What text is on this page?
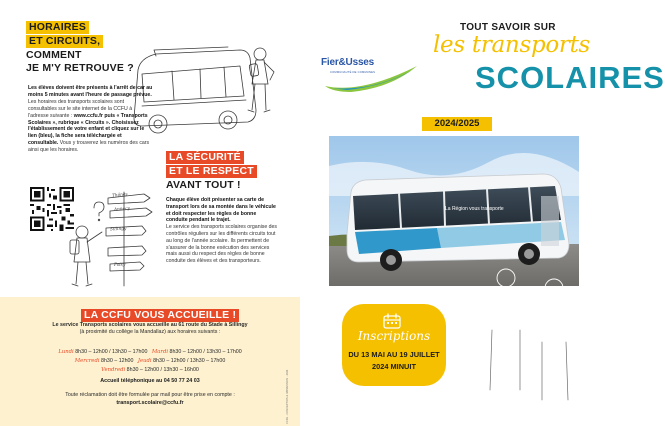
HORAIRES
ET CIRCUITS,
COMMENT
JE M'Y RETROUVE ?
Les élèves doivent être présents à l'arrêt de car au moins 5 minutes avant l'heure de passage prévue.
Les horaires des transports scolaires sont consultables sur le site internet de la CCFU à l'adresse suivante : www.ccfu.fr puis « Transports Scolaires », rubrique « Circuits ». Choisissez l'établissement de votre enfant et cliquez sur le lien (bleu), la fiche sera téléchargée et consultable. Vous y trouverez les numéros des cars ainsi que les horaires.
Thônes
Annecy
Sillingy
Poisy
LA SÉCURITÉ
ET LE RESPECT
AVANT TOUT !
Chaque élève doit présenter sa carte de transport lors de sa montée dans le véhicule et doit respecter les règles de bonne conduite pendant le trajet.
Le service des transports scolaires organise des contrôles réguliers sur les différents circuits tout au long de l'année scolaire. Ils permettent de s'assurer de la bonne exécution des services mais aussi du respect des règles de bonne conduite des élèves et des transporteurs.
LA CCFU VOUS ACCUEILLE !
Le service Transports scolaires vous accueille au 61 route du Stade à Sillingy
(à proximité du collège la Mandallaz) aux horaires suivants :
Lundi 8h30 – 12h00 / 13h30 – 17h00 Mardi 8h30 – 12h00 / 13h30 – 17h00
Mercredi 8h30 – 12h00 Jeudi 8h30 – 12h00 / 13h30 – 17h00
Vendredi 8h30 – 12h00 / 13h30 – 16h00
Accueil téléphonique au 04 50 77 24 03
Toute réclamation doit être formulée par mail pour être prise en compte :
transport.scolaire@ccfu.fr	CCFU · CONCEPTION & IMPRESSION · 2024
Fier&Usses
COMMUNAUTÉ DE COMMUNES
TOUT SAVOIR SUR
les transports
SCOLAIRES
2024/2025
La Région vous transporte
Inscriptions
DU 13 MAI AU 19 JUILLET
2024 MINUIT
